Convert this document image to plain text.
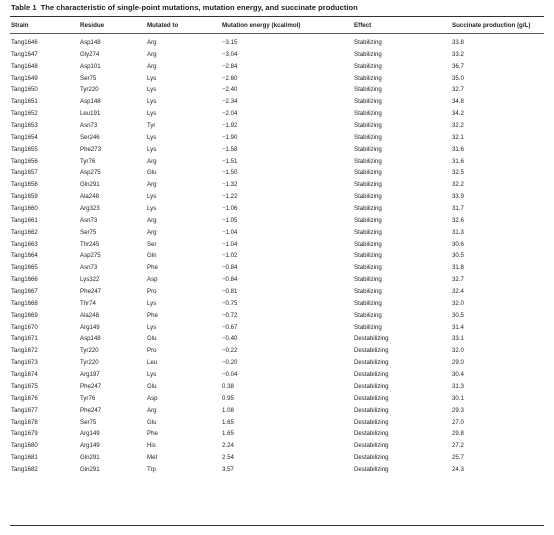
Table 1 The characteristic of single-point mutations, mutation energy, and succinate production
Strain	Residue	Mutated to	Mutation energy (kcal/mol)	Effect	Succinate production (g/L)
Tang1646	Asp148	Arg	−3.15	Stabilizing	33.8
Tang1647	Gly274	Arg	−3.04	Stabilizing	33.2
Tang1648	Asp101	Arg	−2.84	Stabilizing	36.7
Tang1649	Ser75	Lys	−2.60	Stabilizing	35.0
Tang1650	Tyr220	Lys	−2.40	Stabilizing	32.7
Tang1651	Asp148	Lys	−2.34	Stabilizing	34.8
Tang1652	Leu191	Lys	−2.04	Stabilizing	34.2
Tang1653	Asn73	Tyr	−1.92	Stabilizing	32.2
Tang1654	Ser246	Lys	−1.90	Stabilizing	32.1
Tang1655	Phe273	Lys	−1.58	Stabilizing	31.6
Tang1656	Tyr76	Arg	−1.51	Stabilizing	31.6
Tang1657	Asp275	Glu	−1.50	Stabilizing	32.5
Tang1658	Gln291	Arg	−1.32	Stabilizing	32.2
Tang1659	Ala248	Lys	−1.22	Stabilizing	33.9
Tang1660	Arg323	Lys	−1.06	Stabilizing	31.7
Tang1661	Asn73	Arg	−1.05	Stabilizing	32.6
Tang1662	Ser75	Arg	−1.04	Stabilizing	31.3
Tang1663	Thr245	Ser	−1.04	Stabilizing	30.6
Tang1664	Asp275	Gln	−1.02	Stabilizing	30.5
Tang1665	Asn73	Phe	−0.84	Stabilizing	31.8
Tang1666	Lys322	Asp	−0.84	Stabilizing	32.7
Tang1667	Phe247	Pro	−0.81	Stabilizing	32.4
Tang1668	Thr74	Lys	−0.75	Stabilizing	32.0
Tang1669	Ala248	Phe	−0.72	Stabilizing	30.5
Tang1670	Arg149	Lys	−0.67	Stabilizing	31.4
Tang1671	Asp148	Glu	−0.40	Destabilizing	33.1
Tang1672	Tyr220	Pro	−0.22	Destabilizing	32.0
Tang1673	Tyr220	Leu	−0.20	Destabilizing	29.0
Tang1674	Arg197	Lys	−0.04	Destabilizing	30.4
Tang1675	Phe247	Glu	0.38	Destabilizing	31.3
Tang1676	Tyr76	Asp	0.95	Destabilizing	30.1
Tang1677	Phe247	Arg	1.08	Destabilizing	29.3
Tang1678	Ser75	Glu	1.65	Destabilizing	27.0
Tang1679	Arg149	Phe	1.65	Destabilizing	29.8
Tang1680	Arg149	His	2.24	Destabilizing	27.2
Tang1681	Gln291	Met	2.54	Destabilizing	25.7
Tang1682	Gln291	Trp	3.57	Destabilizing	24.3
